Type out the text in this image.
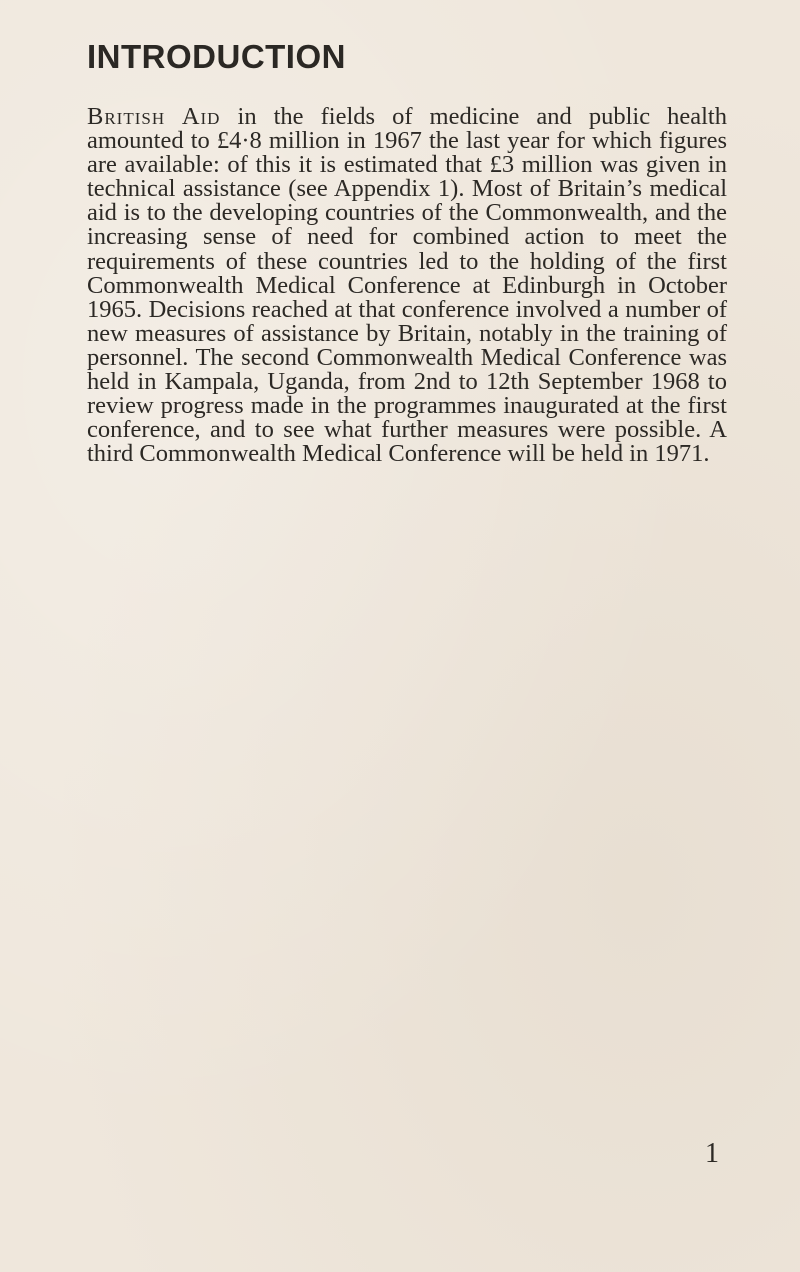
INTRODUCTION

British Aid in the fields of medicine and public health amounted to £4·8 million in 1967 the last year for which figures are available: of this it is estimated that £3 million was given in technical assistance (see Appendix 1). Most of Britain’s medical aid is to the developing countries of the Commonwealth, and the increasing sense of need for combined action to meet the requirements of these countries led to the holding of the first Commonwealth Medical Conference at Edinburgh in October 1965. Decisions reached at that conference involved a number of new measures of assistance by Britain, notably in the training of personnel. The second Commonwealth Medical Conference was held in Kampala, Uganda, from 2nd to 12th September 1968 to review progress made in the programmes inaugurated at the first conference, and to see what further measures were possible. A third Commonwealth Medical Conference will be held in 1971.

1
